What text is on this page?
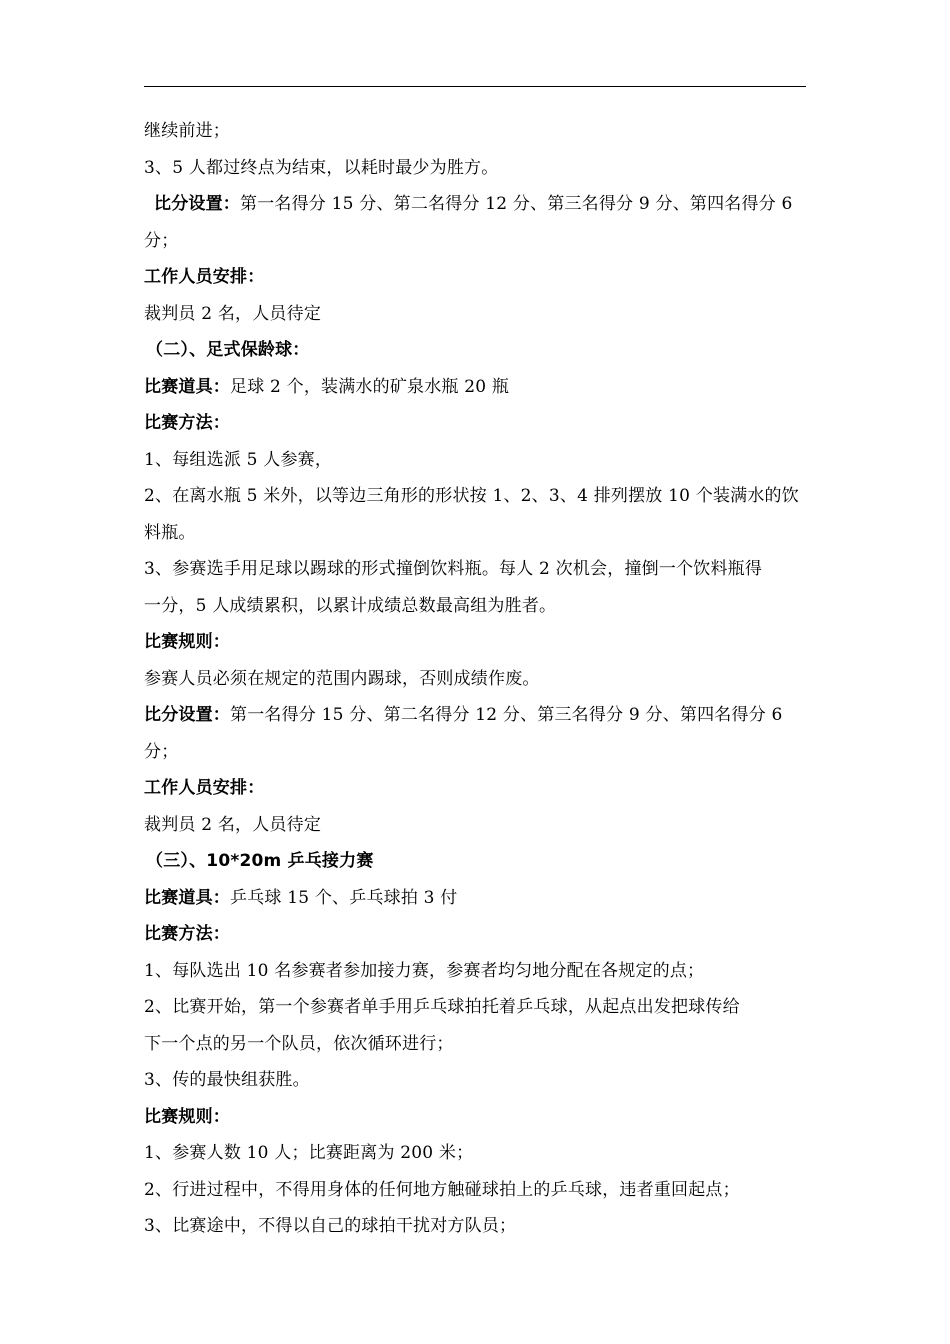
继续前进；
3、5 人都过终点为结束，以耗时最少为胜方。
比分设置：第一名得分 15 分、第二名得分 12 分、第三名得分 9 分、第四名得分 6
分；
工作人员安排：
裁判员 2 名，人员待定
（二）、足式保龄球：
比赛道具：足球 2 个，装满水的矿泉水瓶 20 瓶
比赛方法：
1、每组选派 5 人参赛，
2、在离水瓶 5 米外，以等边三角形的形状按 1、2、3、4 排列摆放 10 个装满水的饮
料瓶。
3、参赛选手用足球以踢球的形式撞倒饮料瓶。每人 2 次机会，撞倒一个饮料瓶得
一分，5 人成绩累积，以累计成绩总数最高组为胜者。
比赛规则：
参赛人员必须在规定的范围内踢球，否则成绩作废。
比分设置：第一名得分 15 分、第二名得分 12 分、第三名得分 9 分、第四名得分 6
分；
工作人员安排：
裁判员 2 名，人员待定
（三）、10*20m 乒乓接力赛
比赛道具：乒乓球 15 个、乒乓球拍 3 付
比赛方法：
1、每队选出 10 名参赛者参加接力赛，参赛者均匀地分配在各规定的点；
2、比赛开始，第一个参赛者单手用乒乓球拍托着乒乓球，从起点出发把球传给
下一个点的另一个队员，依次循环进行；
3、传的最快组获胜。
比赛规则：
1、参赛人数 10 人；比赛距离为 200 米；
2、行进过程中，不得用身体的任何地方触碰球拍上的乒乓球，违者重回起点；
3、比赛途中，不得以自己的球拍干扰对方队员；
